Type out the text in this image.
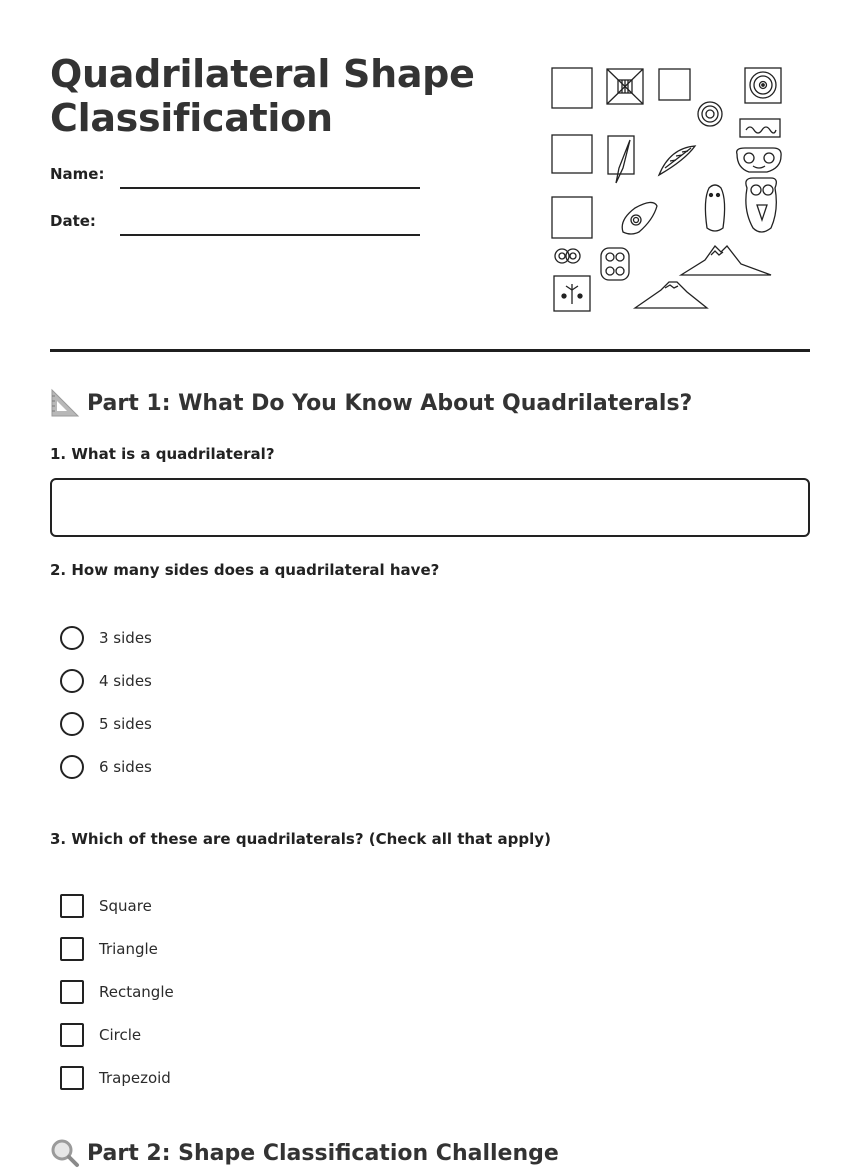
Quadrilateral Shape Classification
Name:
Date:
Part 1: What Do You Know About Quadrilaterals?
1. What is a quadrilateral?
2. How many sides does a quadrilateral have?
3 sides
4 sides
5 sides
6 sides
3. Which of these are quadrilaterals? (Check all that apply)
Square
Triangle
Rectangle
Circle
Trapezoid
Part 2: Shape Classification Challenge
